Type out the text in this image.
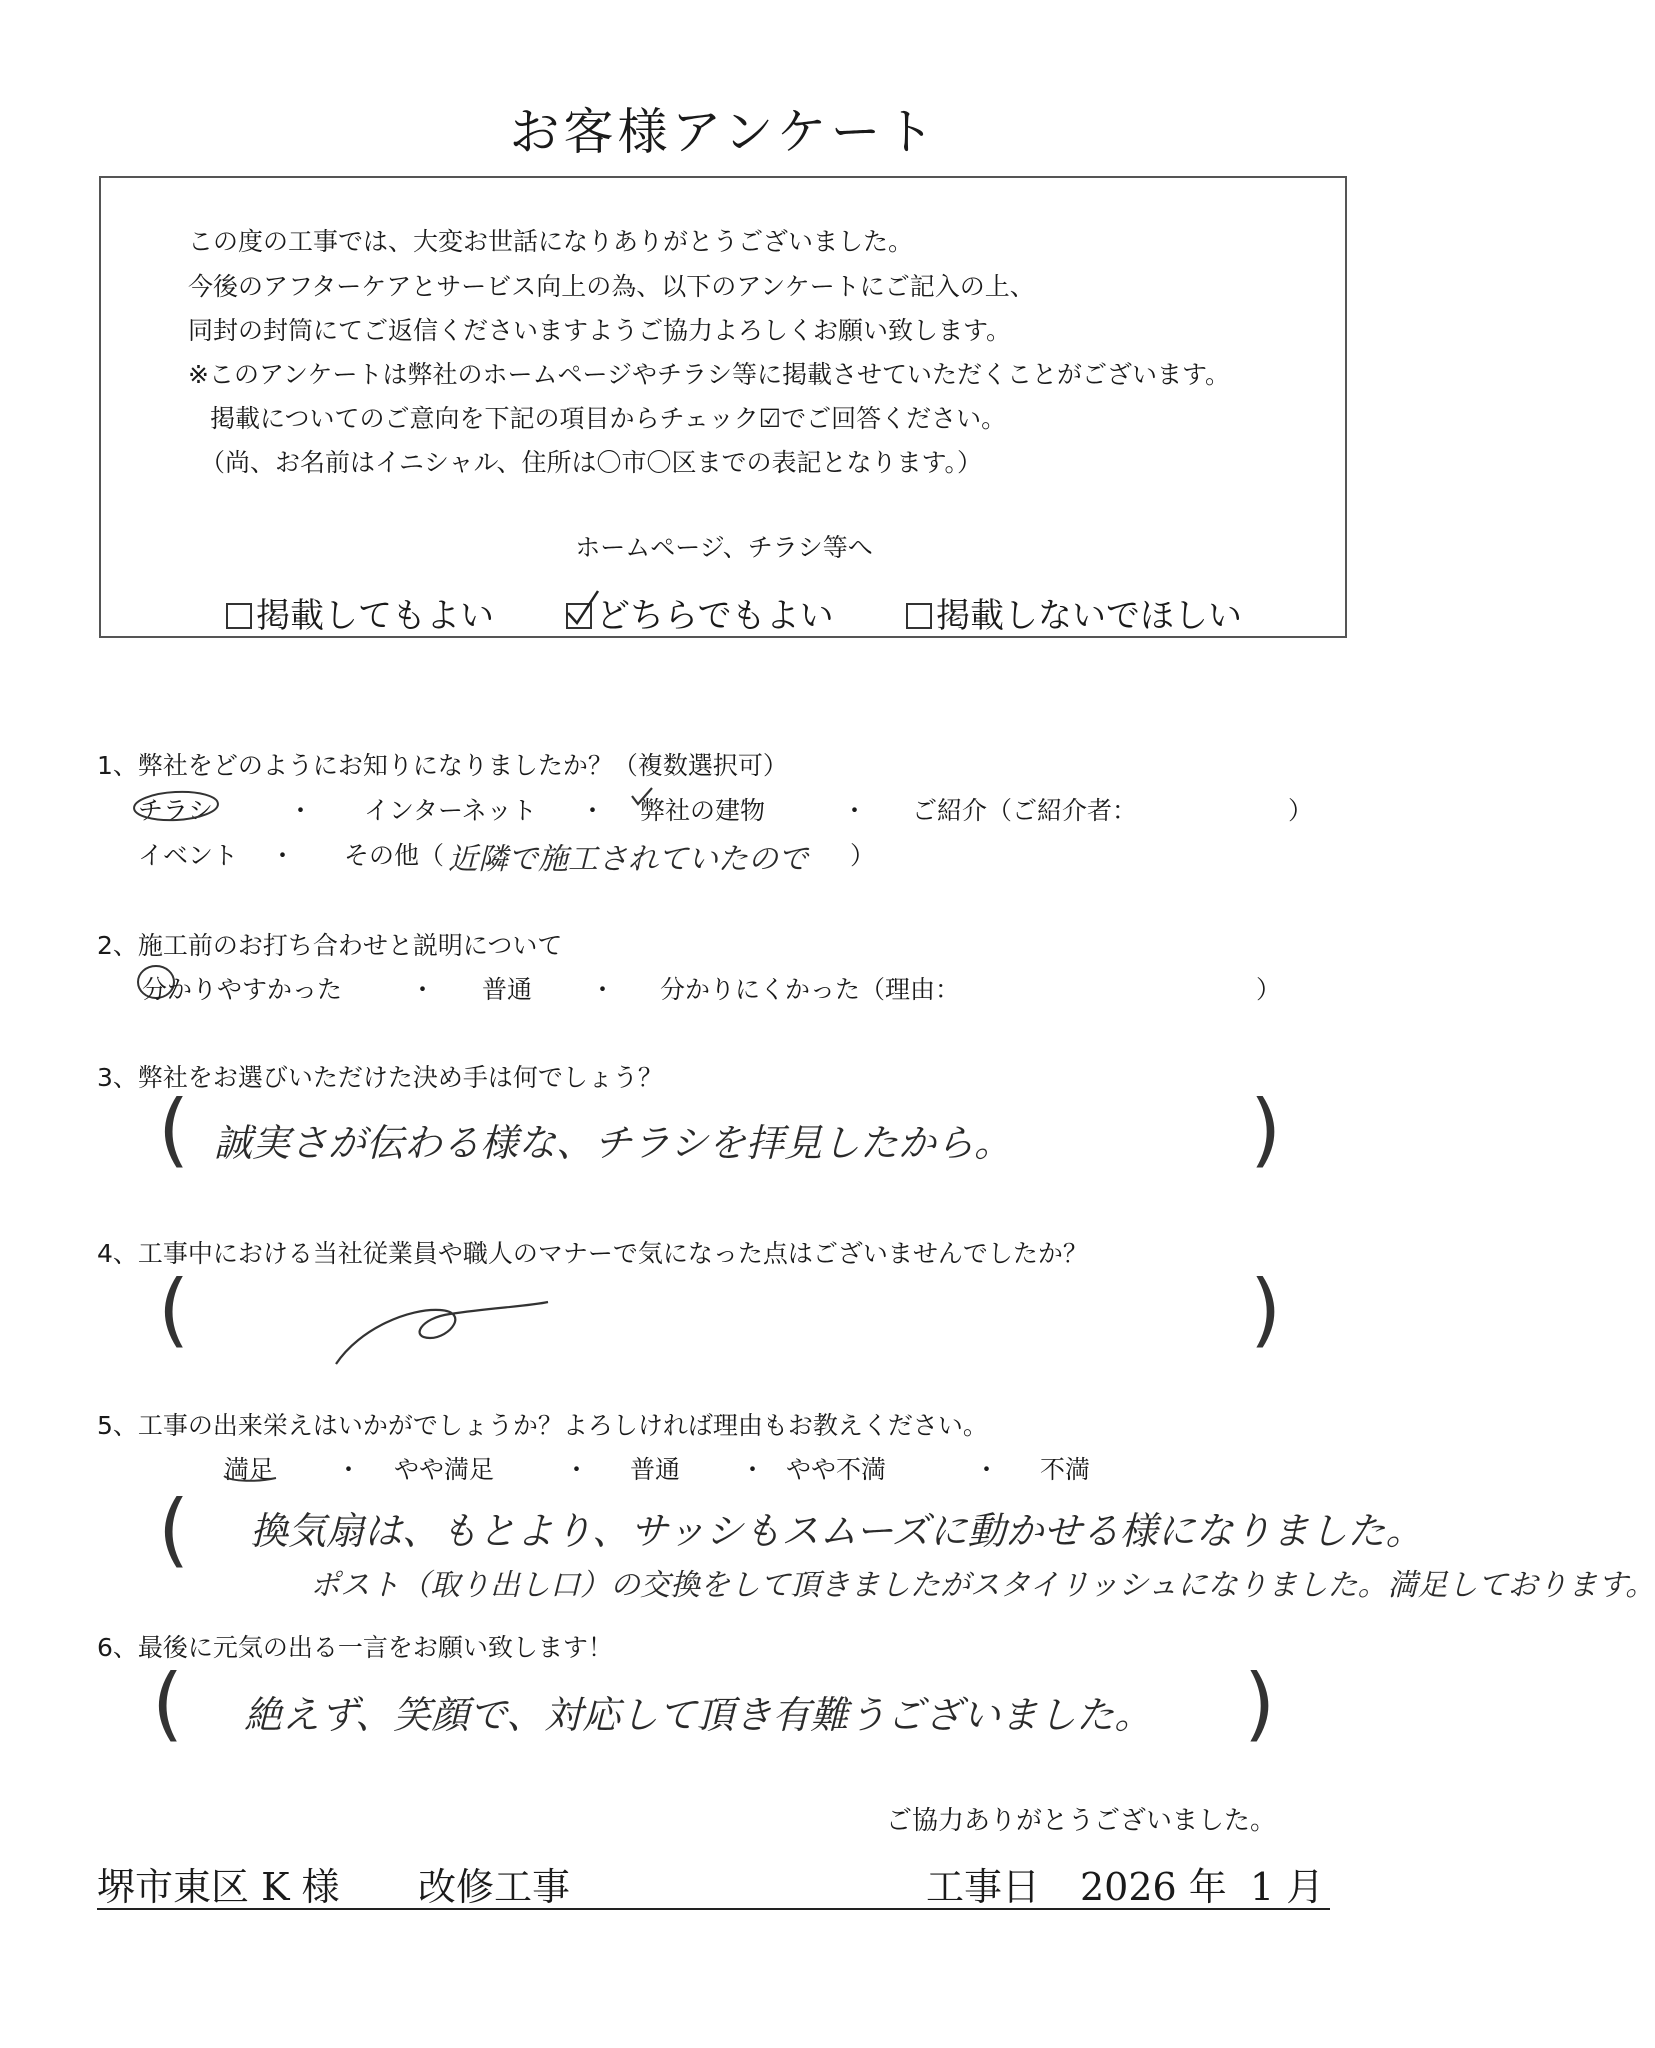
お客様アンケート
この度の工事では、大変お世話になりありがとうございました。
今後のアフターケアとサービス向上の為、以下のアンケートにご記入の上、
同封の封筒にてご返信くださいますようご協力よろしくお願い致します。
※このアンケートは弊社のホームページやチラシ等に掲載させていただくことがございます。
掲載についてのご意向を下記の項目からチェック☑でご回答ください。
（尚、お名前はイニシャル、住所は〇市〇区までの表記となります。）
ホームページ、チラシ等へ
掲載してもよい	どちらでもよい	掲載しないでほしい
1、弊社をどのようにお知りになりましたか？（複数選択可）
チラシ	・ インターネット ・ 弊社の建物	・ ご紹介（ご紹介者：	）
イベント ・ その他（ 近隣で施工されていたので ）
2、施工前のお打ち合わせと説明について
分かりやすかった	・ 普通 ・ 分かりにくかった（理由：	）
3、弊社をお選びいただけた決め手は何でしょう？
( 誠実さが伝わる様な、チラシを拝見したから。	)
4、工事中における当社従業員や職人のマナーで気になった点はございませんでしたか？
(	)
5、工事の出来栄えはいかがでしょうか？よろしければ理由もお教えください。
満足 ・ やや満足	・ 普通 ・ やや不満	・ 不満
( 換気扇は、もとより、サッシもスムーズに動かせる様になりました。
ポスト（取り出し口）の交換をして頂きましたがスタイリッシュになりました。満足しております。
6、最後に元気の出る一言をお願い致します！
( 絶えず、笑顔で、対応して頂き有難うございました。 )
ご協力ありがとうございました。
堺市東区 K 様 改修工事	工事日 2026 年 1 月
